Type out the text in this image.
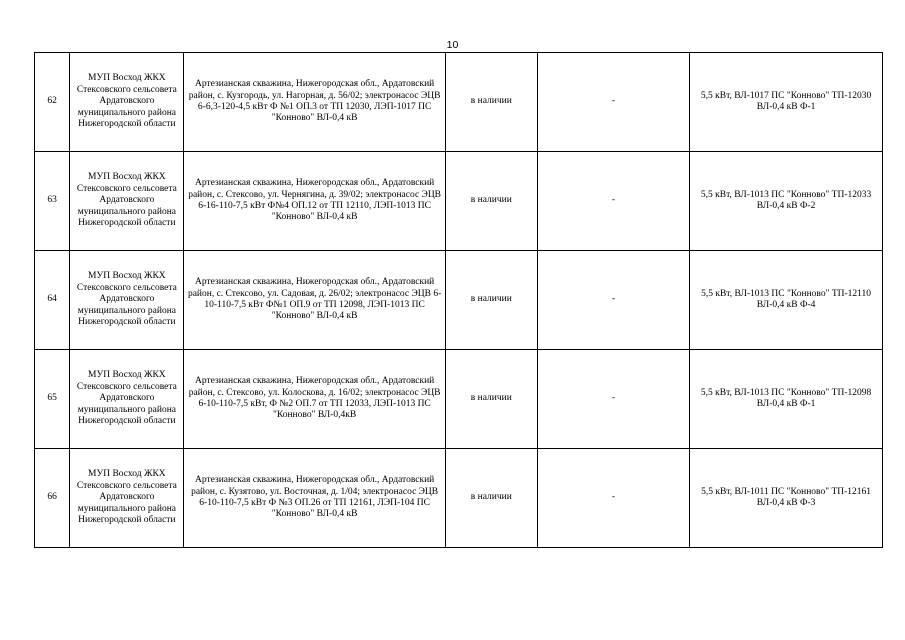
10
62	МУП Восход ЖКХ Стексовского сельсовета Ардатовского муниципального района Нижегородской области	Артезианская скважина, Нижегородская обл., Ардатовский район, с. Кузгородь, ул. Нагорная, д. 56/02; электронасос ЭЦВ 6-6,3-120-4,5 кВт Ф №1 ОП.3 от ТП 12030, ЛЭП-1017 ПС "Конново" ВЛ-0,4 кВ	в наличии	-	5,5 кВт, ВЛ-1017 ПС "Конново" ТП-12030 ВЛ-0,4 кВ Ф-1
63	МУП Восход ЖКХ Стексовского сельсовета Ардатовского муниципального района Нижегородской области	Артезианская скважина, Нижегородская обл., Ардатовский район, с. Стексово, ул. Чернягина, д. 39/02; электронасос ЭЦВ 6-16-110-7,5 кВт Ф№4 ОП.12 от ТП 12110, ЛЭП-1013 ПС "Конново" ВЛ-0,4 кВ	в наличии	-	5,5 кВт, ВЛ-1013 ПС "Конново" ТП-12033 ВЛ-0,4 кВ Ф-2
64	МУП Восход ЖКХ Стексовского сельсовета Ардатовского муниципального района Нижегородской области	Артезианская скважина, Нижегородская обл., Ардатовский район, с. Стексово, ул. Садовая, д. 26/02; электронасос ЭЦВ 6-10-110-7,5 кВт Ф№1 ОП.9 от ТП 12098, ЛЭП-1013 ПС "Конново" ВЛ-0,4 кВ	в наличии	-	5,5 кВт, ВЛ-1013 ПС "Конново" ТП-12110 ВЛ-0,4 кВ Ф-4
65	МУП Восход ЖКХ Стексовского сельсовета Ардатовского муниципального района Нижегородской области	Артезианская скважина, Нижегородская обл., Ардатовский район, с. Стексово, ул. Колоскова, д. 16/02; электронасос ЭЦВ 6-10-110-7,5 кВт, Ф №2 ОП.7 от ТП 12033, ЛЭП-1013 ПС "Конново" ВЛ-0,4кВ	в наличии	-	5,5 кВт, ВЛ-1013 ПС "Конново" ТП-12098 ВЛ-0,4 кВ Ф-1
66	МУП Восход ЖКХ Стексовского сельсовета Ардатовского муниципального района Нижегородской области	Артезианская скважина, Нижегородская обл., Ардатовский район, с. Кузятово, ул. Восточная, д. 1/04; электронасос ЭЦВ 6-10-110-7,5 кВт Ф №3 ОП.26 от ТП 12161, ЛЭП-104 ПС "Конново" ВЛ-0,4 кВ	в наличии	-	5,5 кВт, ВЛ-1011 ПС "Конново" ТП-12161 ВЛ-0,4 кВ Ф-3
